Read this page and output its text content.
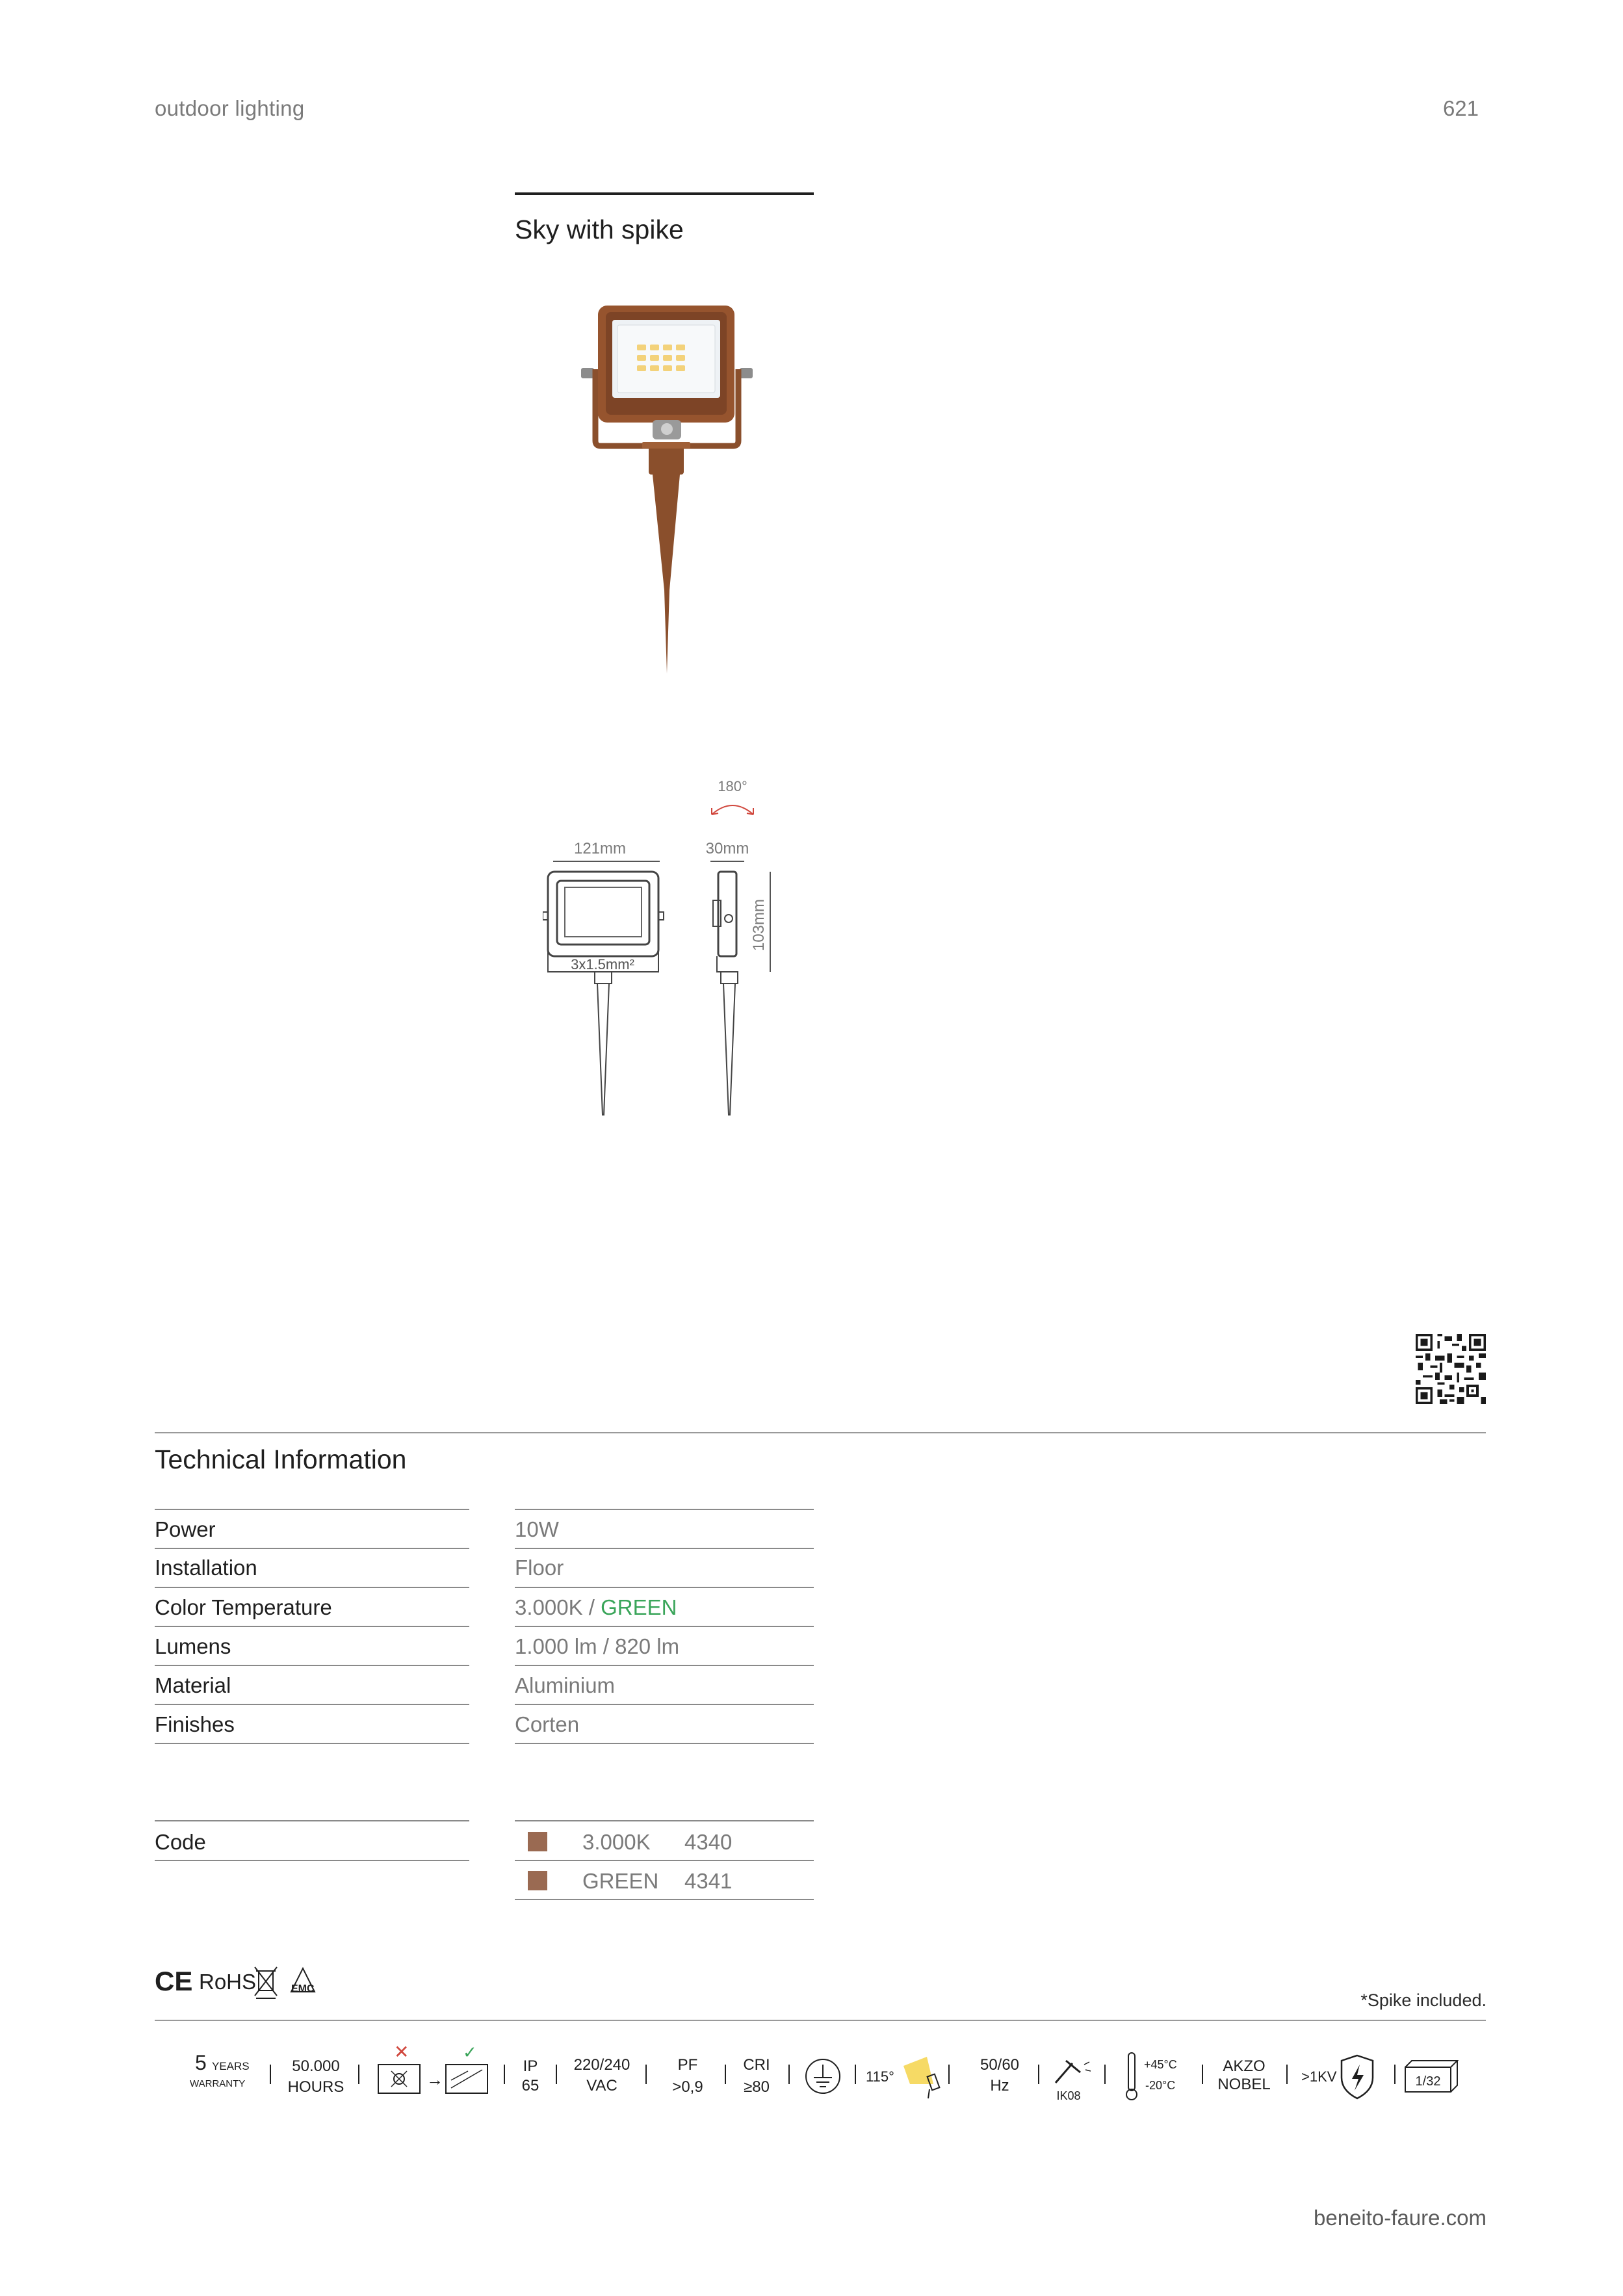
outdoor lighting	621
Sky with spike
180°
121mm	30mm
3x1.5mm²
103mm
Technical Information
Power	10W
Installation	Floor
Color Temperature	3.000K / GREEN
Lumens	1.000 lm / 820 lm
Material	Aluminium
Finishes	Corten
Code	3.000K 4340
GREEN 4341
CE RoHS	EMC
*Spike included.
5 YEARS
WARRANTY
50.000
HOURS
✕
→
✓
IP
65
220/240
VAC
PF
>0,9
CRI
≥80
115°
50/60
Hz
IK08
+45°C
-20°C
AKZO
NOBEL >1KV	1/32
beneito-faure.com
